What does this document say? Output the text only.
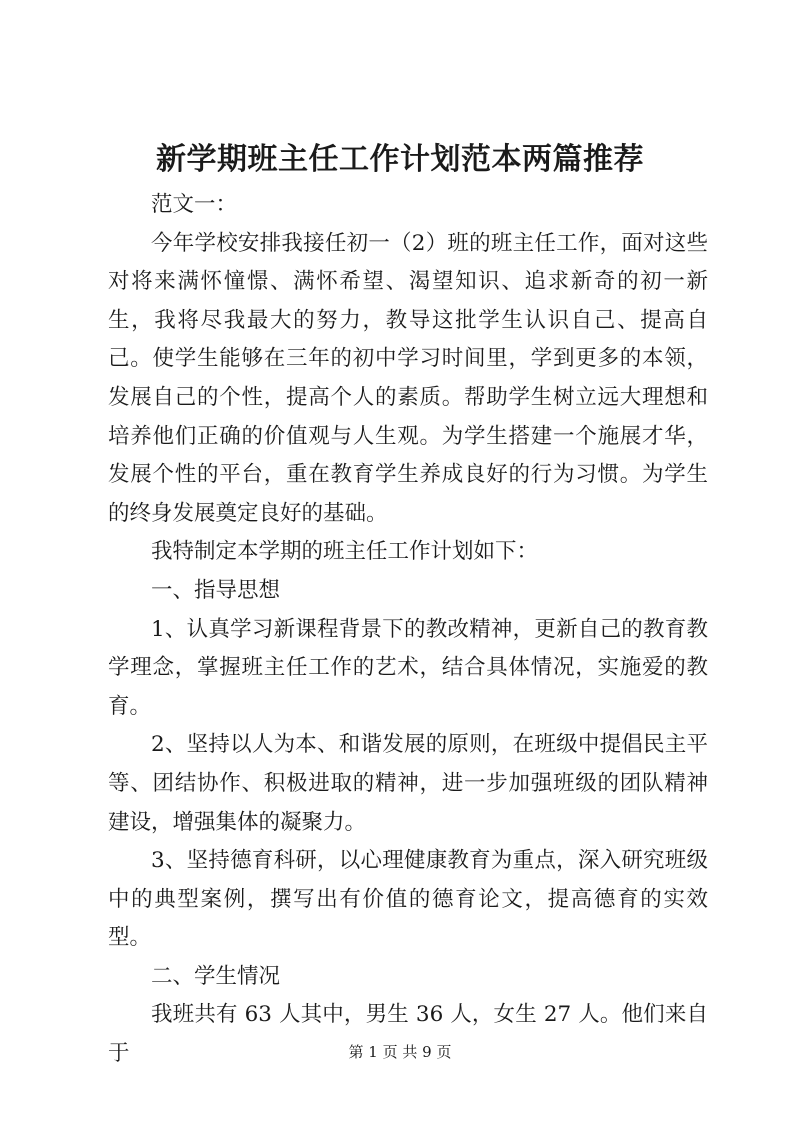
新学期班主任工作计划范本两篇推荐

范文一：

今年学校安排我接任初一（2）班的班主任工作，面对这些对将来满怀憧憬、满怀希望、渴望知识、追求新奇的初一新生，我将尽我最大的努力，教导这批学生认识自己、提高自己。使学生能够在三年的初中学习时间里，学到更多的本领，发展自己的个性，提高个人的素质。帮助学生树立远大理想和培养他们正确的价值观与人生观。为学生搭建一个施展才华，发展个性的平台，重在教育学生养成良好的行为习惯。为学生的终身发展奠定良好的基础。

我特制定本学期的班主任工作计划如下：

一、指导思想

1、认真学习新课程背景下的教改精神，更新自己的教育教学理念，掌握班主任工作的艺术，结合具体情况，实施爱的教育。

2、坚持以人为本、和谐发展的原则，在班级中提倡民主平等、团结协作、积极进取的精神，进一步加强班级的团队精神建设，增强集体的凝聚力。

3、坚持德育科研，以心理健康教育为重点，深入研究班级中的典型案例，撰写出有价值的德育论文，提高德育的实效型。

二、学生情况

我班共有 63 人其中，男生 36 人，女生 27 人。他们来自于	第 1 页 共 9 页
